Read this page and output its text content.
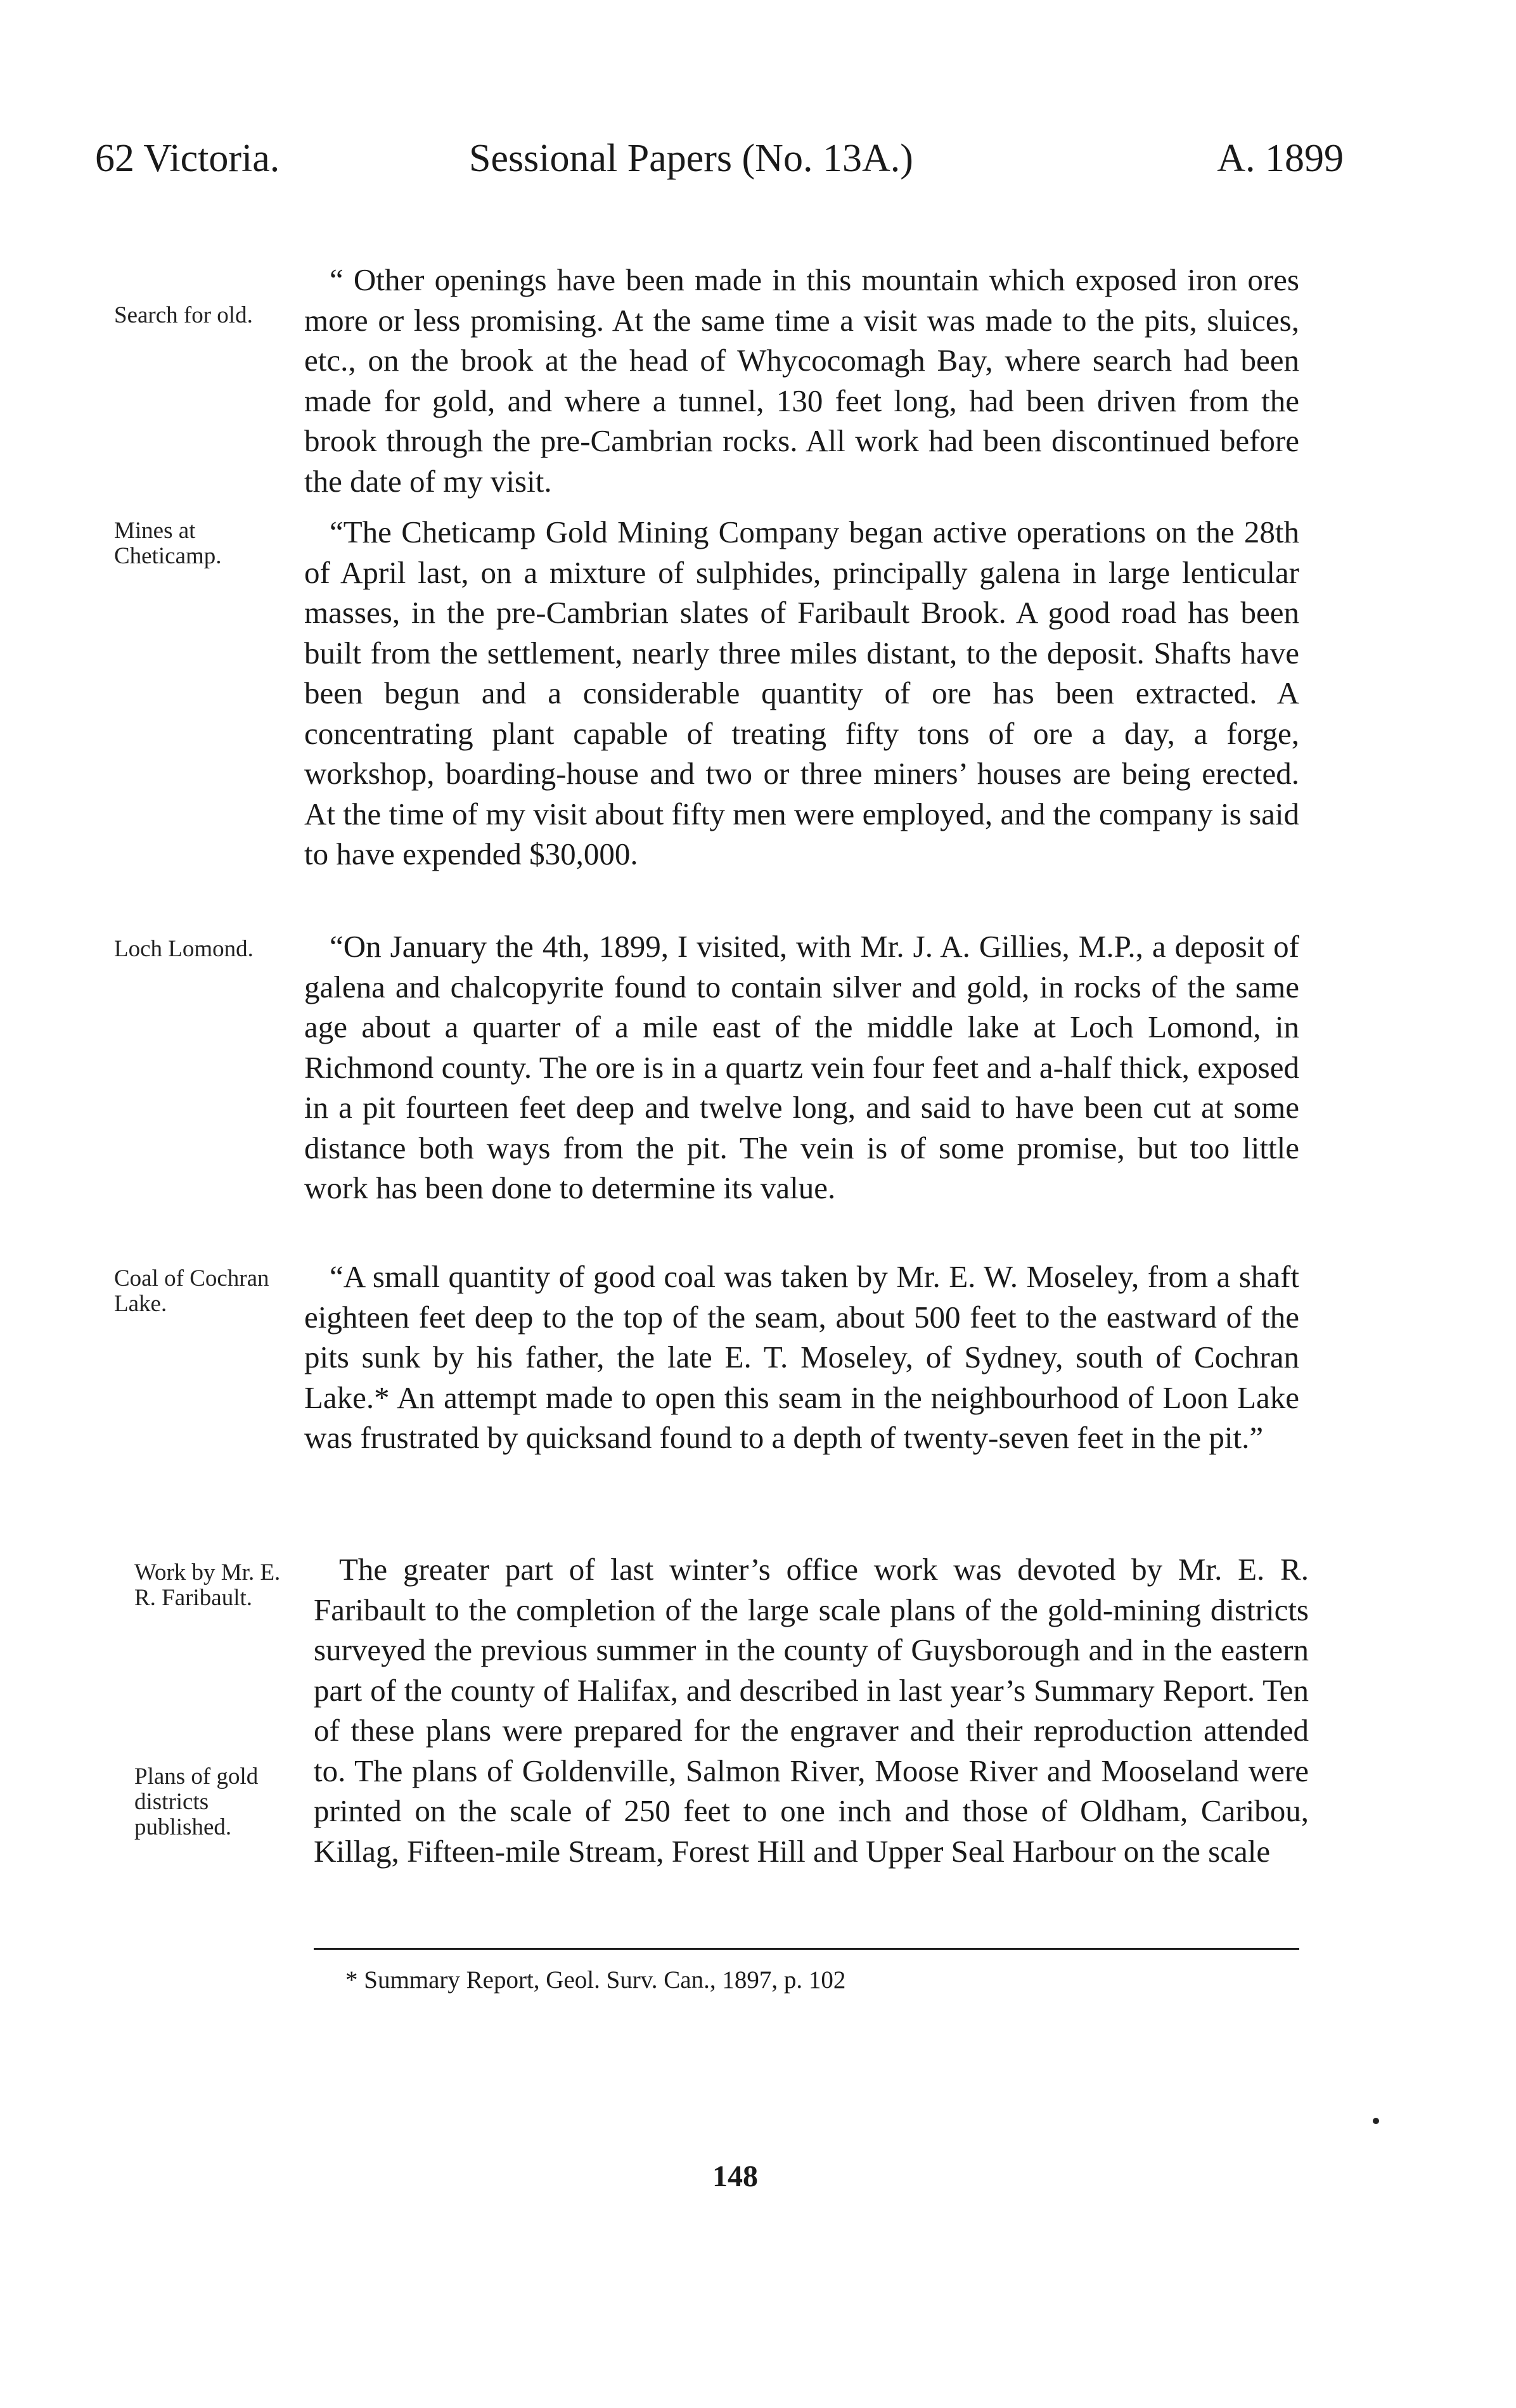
62 Victoria.	Sessional Papers (No. 13A.)	A. 1899
Search for old.
Mines at Cheticamp.
Loch Lomond.
Coal of Cochran Lake.
Work by Mr. E. R. Faribault.
Plans of gold districts published.

“ Other openings have been made in this mountain which exposed iron ores more or less promising. At the same time a visit was made to the pits, sluices, etc., on the brook at the head of Whycocomagh Bay, where search had been made for gold, and where a tunnel, 130 feet long, had been driven from the brook through the pre-Cambrian rocks. All work had been discontinued before the date of my visit.

“The Cheticamp Gold Mining Company began active operations on the 28th of April last, on a mixture of sulphides, principally galena in large lenticular masses, in the pre-Cambrian slates of Faribault Brook. A good road has been built from the settlement, nearly three miles distant, to the deposit. Shafts have been begun and a considerable quantity of ore has been extracted. A concentrating plant capable of treating fifty tons of ore a day, a forge, workshop, boarding-house and two or three miners’ houses are being erected. At the time of my visit about fifty men were employed, and the company is said to have expended $30,000.

“On January the 4th, 1899, I visited, with Mr. J. A. Gillies, M.P., a deposit of galena and chalcopyrite found to contain silver and gold, in rocks of the same age about a quarter of a mile east of the middle lake at Loch Lomond, in Richmond county. The ore is in a quartz vein four feet and a-half thick, exposed in a pit fourteen feet deep and twelve long, and said to have been cut at some distance both ways from the pit. The vein is of some promise, but too little work has been done to determine its value.

“A small quantity of good coal was taken by Mr. E. W. Moseley, from a shaft eighteen feet deep to the top of the seam, about 500 feet to the eastward of the pits sunk by his father, the late E. T. Moseley, of Sydney, south of Cochran Lake.* An attempt made to open this seam in the neighbourhood of Loon Lake was frustrated by quicksand found to a depth of twenty-seven feet in the pit.”

The greater part of last winter’s office work was devoted by Mr. E. R. Faribault to the completion of the large scale plans of the gold-mining districts surveyed the previous summer in the county of Guysborough and in the eastern part of the county of Halifax, and described in last year’s Summary Report. Ten of these plans were prepared for the engraver and their reproduction attended to. The plans of Goldenville, Salmon River, Moose River and Mooseland were printed on the scale of 250 feet to one inch and those of Oldham, Caribou, Killag, Fifteen-mile Stream, Forest Hill and Upper Seal Harbour on the scale

* Summary Report, Geol. Surv. Can., 1897, p. 102
148
